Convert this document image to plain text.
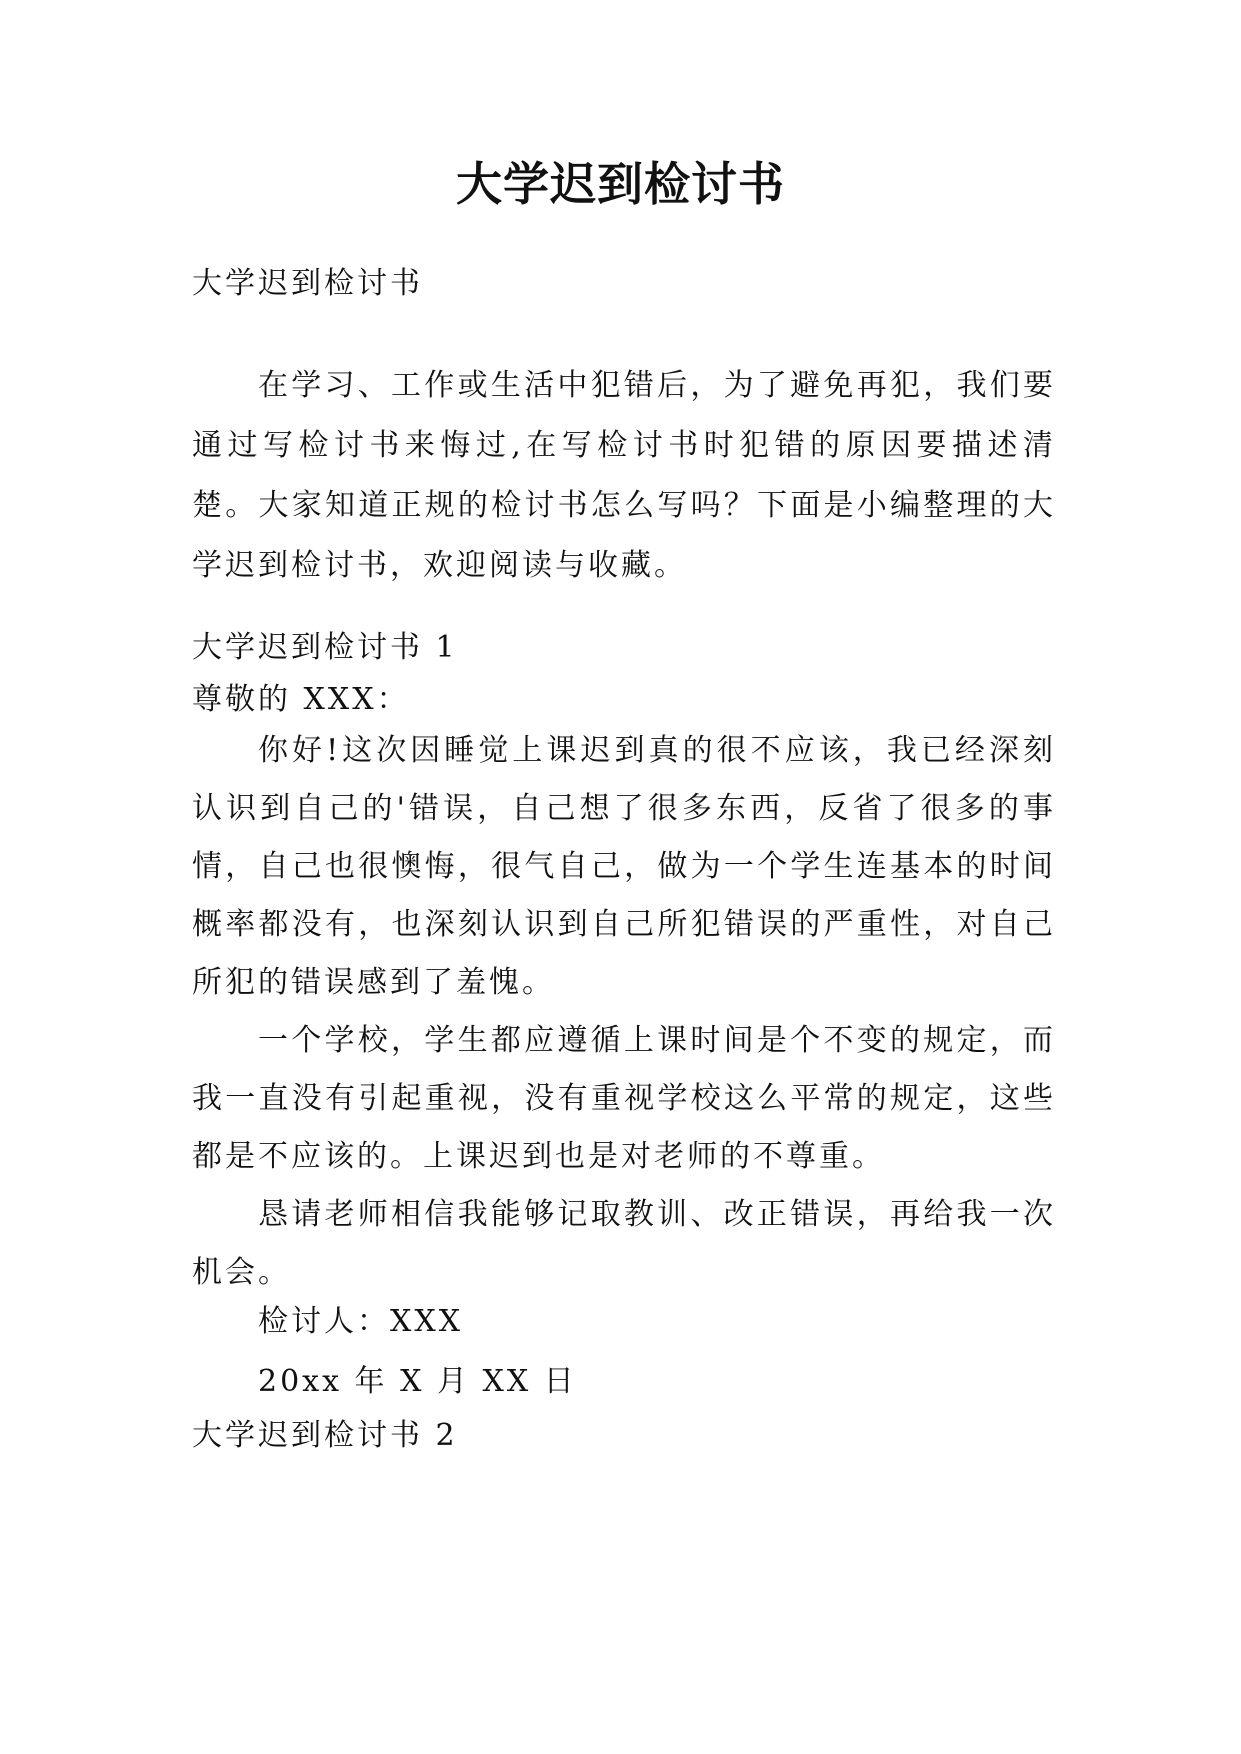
大学迟到检讨书

大学迟到检讨书

在学习、工作或生活中犯错后，为了避免再犯，我们要通过写检讨书来悔过,在写检讨书时犯错的原因要描述清楚。大家知道正规的检讨书怎么写吗？下面是小编整理的大学迟到检讨书，欢迎阅读与收藏。

大学迟到检讨书 1

尊敬的 XXX：

你好!这次因睡觉上课迟到真的很不应该，我已经深刻认识到自己的'错误，自己想了很多东西，反省了很多的事情，自己也很懊悔，很气自己，做为一个学生连基本的时间概率都没有，也深刻认识到自己所犯错误的严重性，对自己所犯的错误感到了羞愧。

一个学校，学生都应遵循上课时间是个不变的规定，而我一直没有引起重视，没有重视学校这么平常的规定，这些都是不应该的。上课迟到也是对老师的不尊重。

恳请老师相信我能够记取教训、改正错误，再给我一次机会。

检讨人：XXX

20xx 年 X 月 XX 日

大学迟到检讨书 2
